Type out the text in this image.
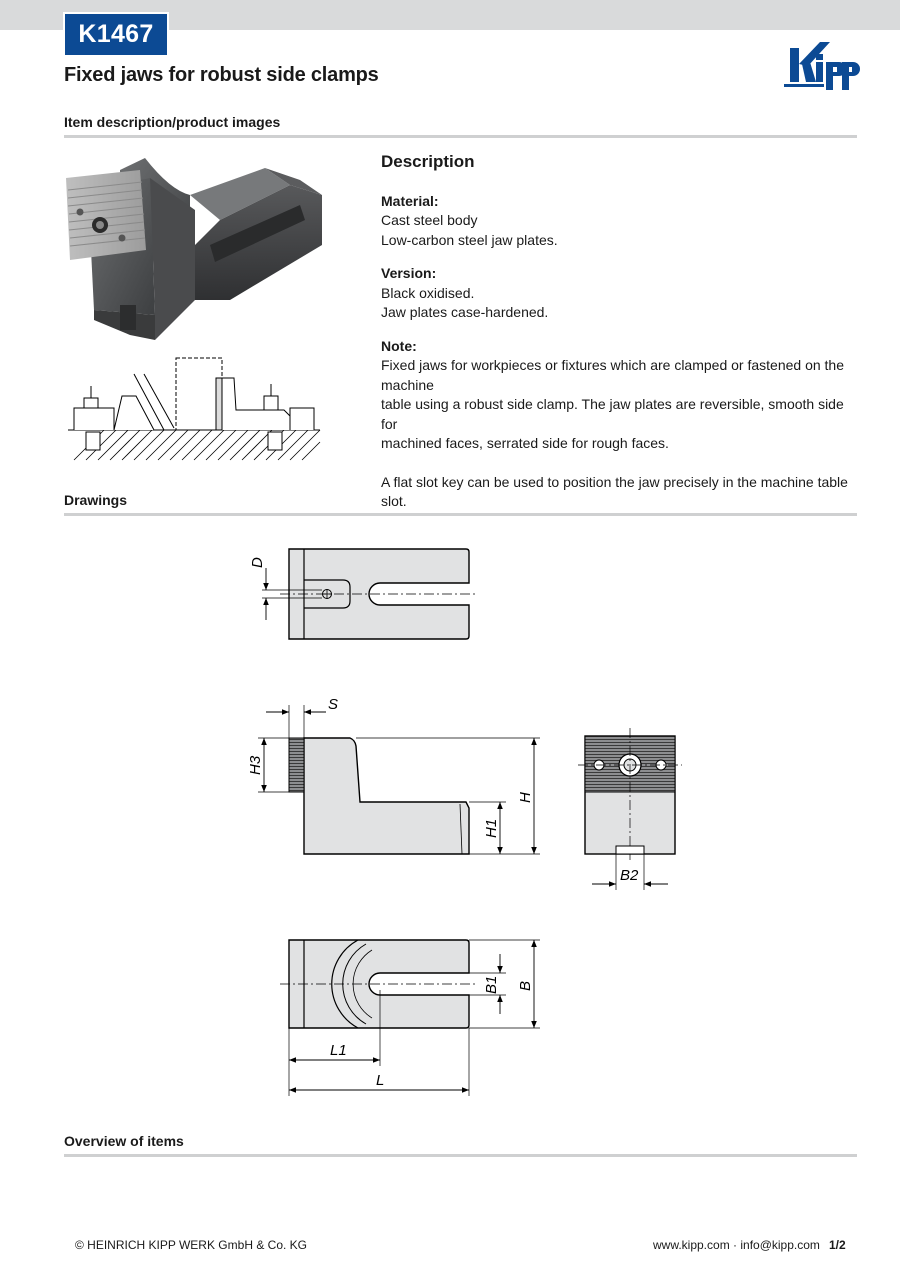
K1467
Fixed jaws for robust side clamps
Kipp
Item description/product images
Description

Material:

Cast steel body

Low-carbon steel jaw plates.

Version:

Black oxidised.

Jaw plates case-hardened.

Note:

Fixed jaws for workpieces or fixtures which are clamped or fastened on the machine

table using a robust side clamp. The jaw plates are reversible, smooth side for

machined faces, serrated side for rough faces.

A flat slot key can be used to position the jaw precisely in the machine table slot.

Drawings
D
S
H3
H1
H
B2
B1 B
L1
L
Overview of items
© HEINRICH KIPP WERK GmbH & Co. KG	www.kipp.com · info@kipp.com 1/2
